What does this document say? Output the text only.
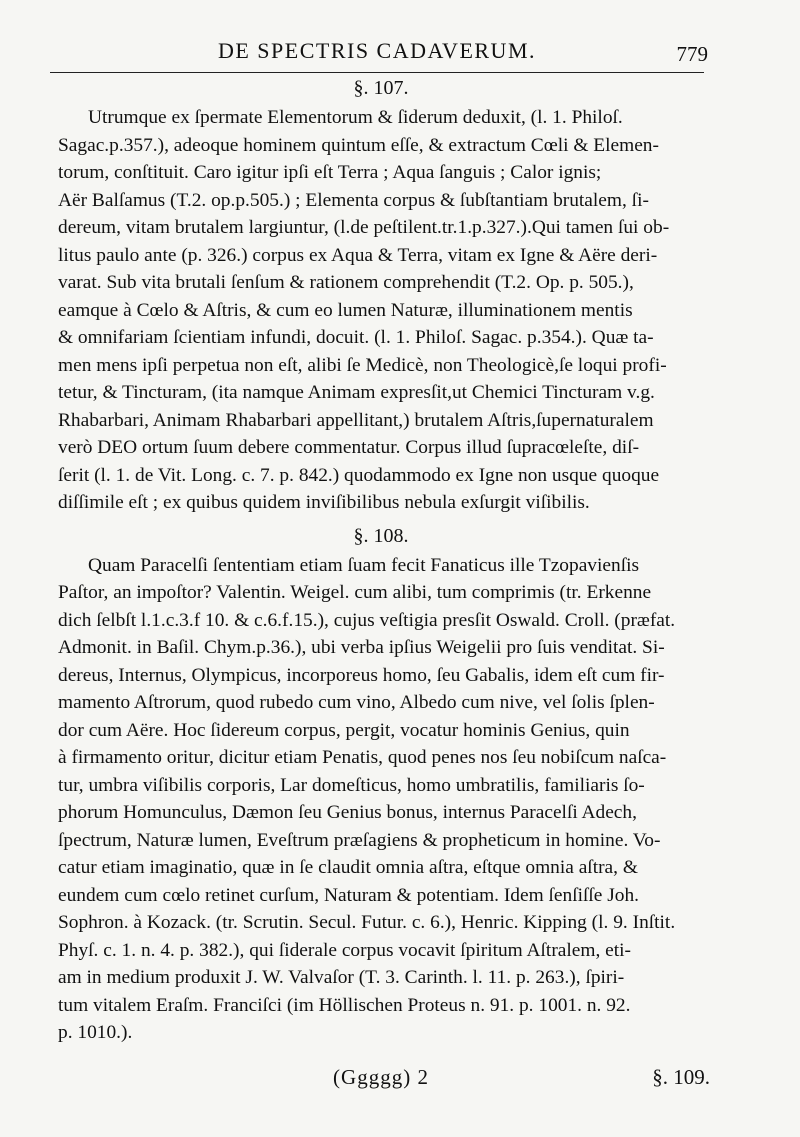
DE SPECTRIS CADAVERUM.	779
§. 107.
Utrumque ex ſpermate Elementorum & ſiderum deduxit, (l. 1. Philoſ.
Sagac.p.357.), adeoque hominem quintum eſſe, & extractum Cœli & Elemen-
torum, conſtituit. Caro igitur ipſi eſt Terra ; Aqua ſanguis ; Calor ignis;
Aër Balſamus (T.2. op.p.505.) ; Elementa corpus & ſubſtantiam brutalem, ſi-
dereum, vitam brutalem largiuntur, (l.de peſtilent.tr.1.p.327.).Qui tamen ſui ob-
litus paulo ante (p. 326.) corpus ex Aqua & Terra, vitam ex Igne & Aëre deri-
varat. Sub vita brutali ſenſum & rationem comprehendit (T.2. Op. p. 505.),
eamque à Cœlo & Aſtris, & cum eo lumen Naturæ, illuminationem mentis
& omnifariam ſcientiam infundi, docuit. (l. 1. Philoſ. Sagac. p.354.). Quæ ta-
men mens ipſi perpetua non eſt, alibi ſe Medicè, non Theologicè,ſe loqui profi-
tetur, & Tincturam, (ita namque Animam expresſit,ut Chemici Tincturam v.g.
Rhabarbari, Animam Rhabarbari appellitant,) brutalem Aſtris,ſupernaturalem
verò DEO ortum ſuum debere commentatur. Corpus illud ſupracœleſte, diſ-
ſerit (l. 1. de Vit. Long. c. 7. p. 842.) quodammodo ex Igne non usque quoque
diſſimile eſt ; ex quibus quidem inviſibilibus nebula exſurgit viſibilis.
§. 108.
Quam Paracelſi ſententiam etiam ſuam fecit Fanaticus ille Tzopavienſis
Paſtor, an impoſtor? Valentin. Weigel. cum alibi, tum comprimis (tr. Erkenne
dich ſelbſt l.1.c.3.f 10. & c.6.f.15.), cujus veſtigia presſit Oswald. Croll. (præfat.
Admonit. in Baſil. Chym.p.36.), ubi verba ipſius Weigelii pro ſuis venditat. Si-
dereus, Internus, Olympicus, incorporeus homo, ſeu Gabalis, idem eſt cum fir-
mamento Aſtrorum, quod rubedo cum vino, Albedo cum nive, vel ſolis ſplen-
dor cum Aëre. Hoc ſidereum corpus, pergit, vocatur hominis Genius, quin
à firmamento oritur, dicitur etiam Penatis, quod penes nos ſeu nobiſcum naſca-
tur, umbra viſibilis corporis, Lar domeſticus, homo umbratilis, familiaris ſo-
phorum Homunculus, Dæmon ſeu Genius bonus, internus Paracelſi Adech,
ſpectrum, Naturæ lumen, Eveſtrum præſagiens & propheticum in homine. Vo-
catur etiam imaginatio, quæ in ſe claudit omnia aſtra, eſtque omnia aſtra, &
eundem cum cœlo retinet curſum, Naturam & potentiam. Idem ſenſiſſe Joh.
Sophron. à Kozack. (tr. Scrutin. Secul. Futur. c. 6.), Henric. Kipping (l. 9. Inſtit.
Phyſ. c. 1. n. 4. p. 382.), qui ſiderale corpus vocavit ſpiritum Aſtralem, eti-
am in medium produxit J. W. Valvaſor (T. 3. Carinth. l. 11. p. 263.), ſpiri-
tum vitalem Eraſm. Franciſci (im Höllischen Proteus n. 91. p. 1001. n. 92.
p. 1010.).
(Ggggg) 2	§. 109.
